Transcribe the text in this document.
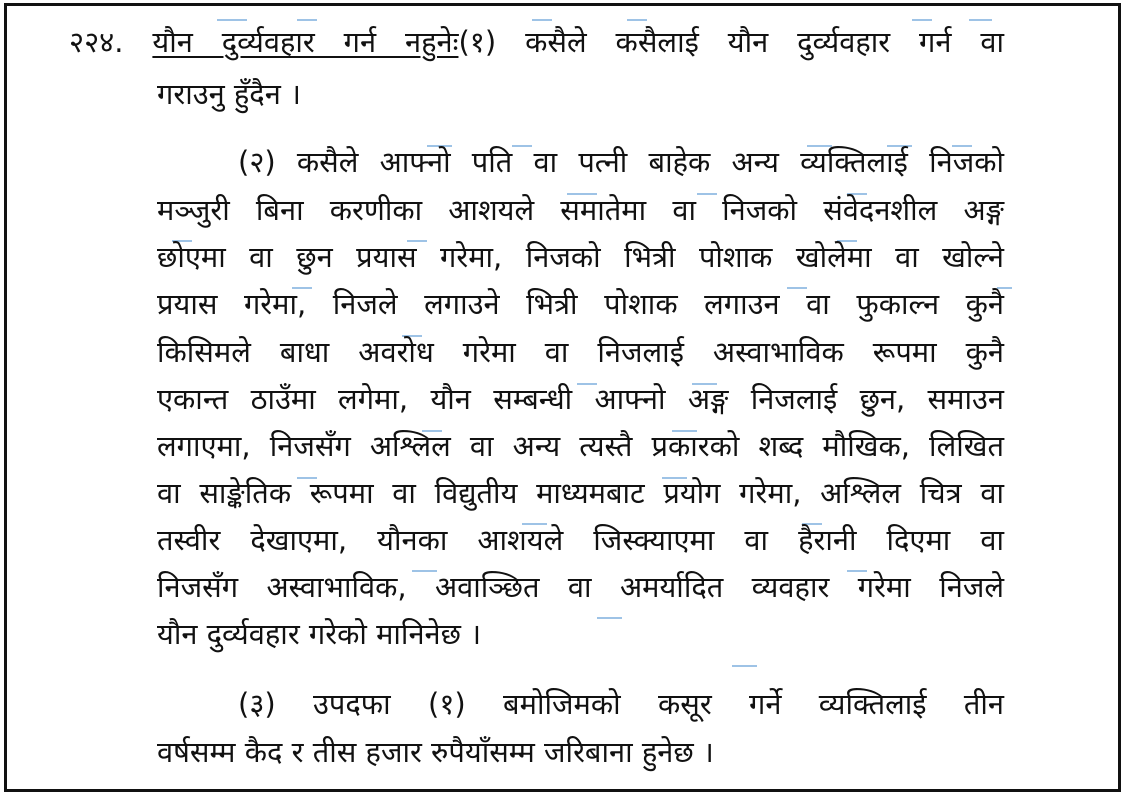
२२४. यौन दुर्व्यवहार गर्न नहुनेः(१) कसैले कसैलाई यौन दुर्व्यवहार गर्न वा
गराउनु हुँदैन ।
(२) कसैले आफ्नो पति वा पत्नी बाहेक अन्य व्यक्तिलाई निजको
मञ्जुरी बिना करणीका आशयले समातेमा वा निजको संवेदनशील अङ्ग
छोएमा वा छुन प्रयास गरेमा, निजको भित्री पोशाक खोलेमा वा खोल्ने
प्रयास गरेमा, निजले लगाउने भित्री पोशाक लगाउन वा फुकाल्न कुनै
किसिमले बाधा अवरोध गरेमा वा निजलाई अस्वाभाविक रूपमा कुनै
एकान्त ठाउँमा लगेमा, यौन सम्बन्धी आफ्नो अङ्ग निजलाई छुन, समाउन
लगाएमा, निजसँग अश्लिल वा अन्य त्यस्तै प्रकारको शब्द मौखिक, लिखित
वा साङ्केतिक रूपमा वा विद्युतीय माध्यमबाट प्रयोग गरेमा, अश्लिल चित्र वा
तस्वीर देखाएमा, यौनका आशयले जिस्क्याएमा वा हैरानी दिएमा वा
निजसँग अस्वाभाविक, अवाञ्छित वा अमर्यादित व्यवहार गरेमा निजले
यौन दुर्व्यवहार गरेको मानिनेछ ।
(३) उपदफा (१) बमोजिमको कसूर गर्ने व्यक्तिलाई तीन
वर्षसम्म कैद र तीस हजार रुपैयाँसम्म जरिबाना हुनेछ ।
